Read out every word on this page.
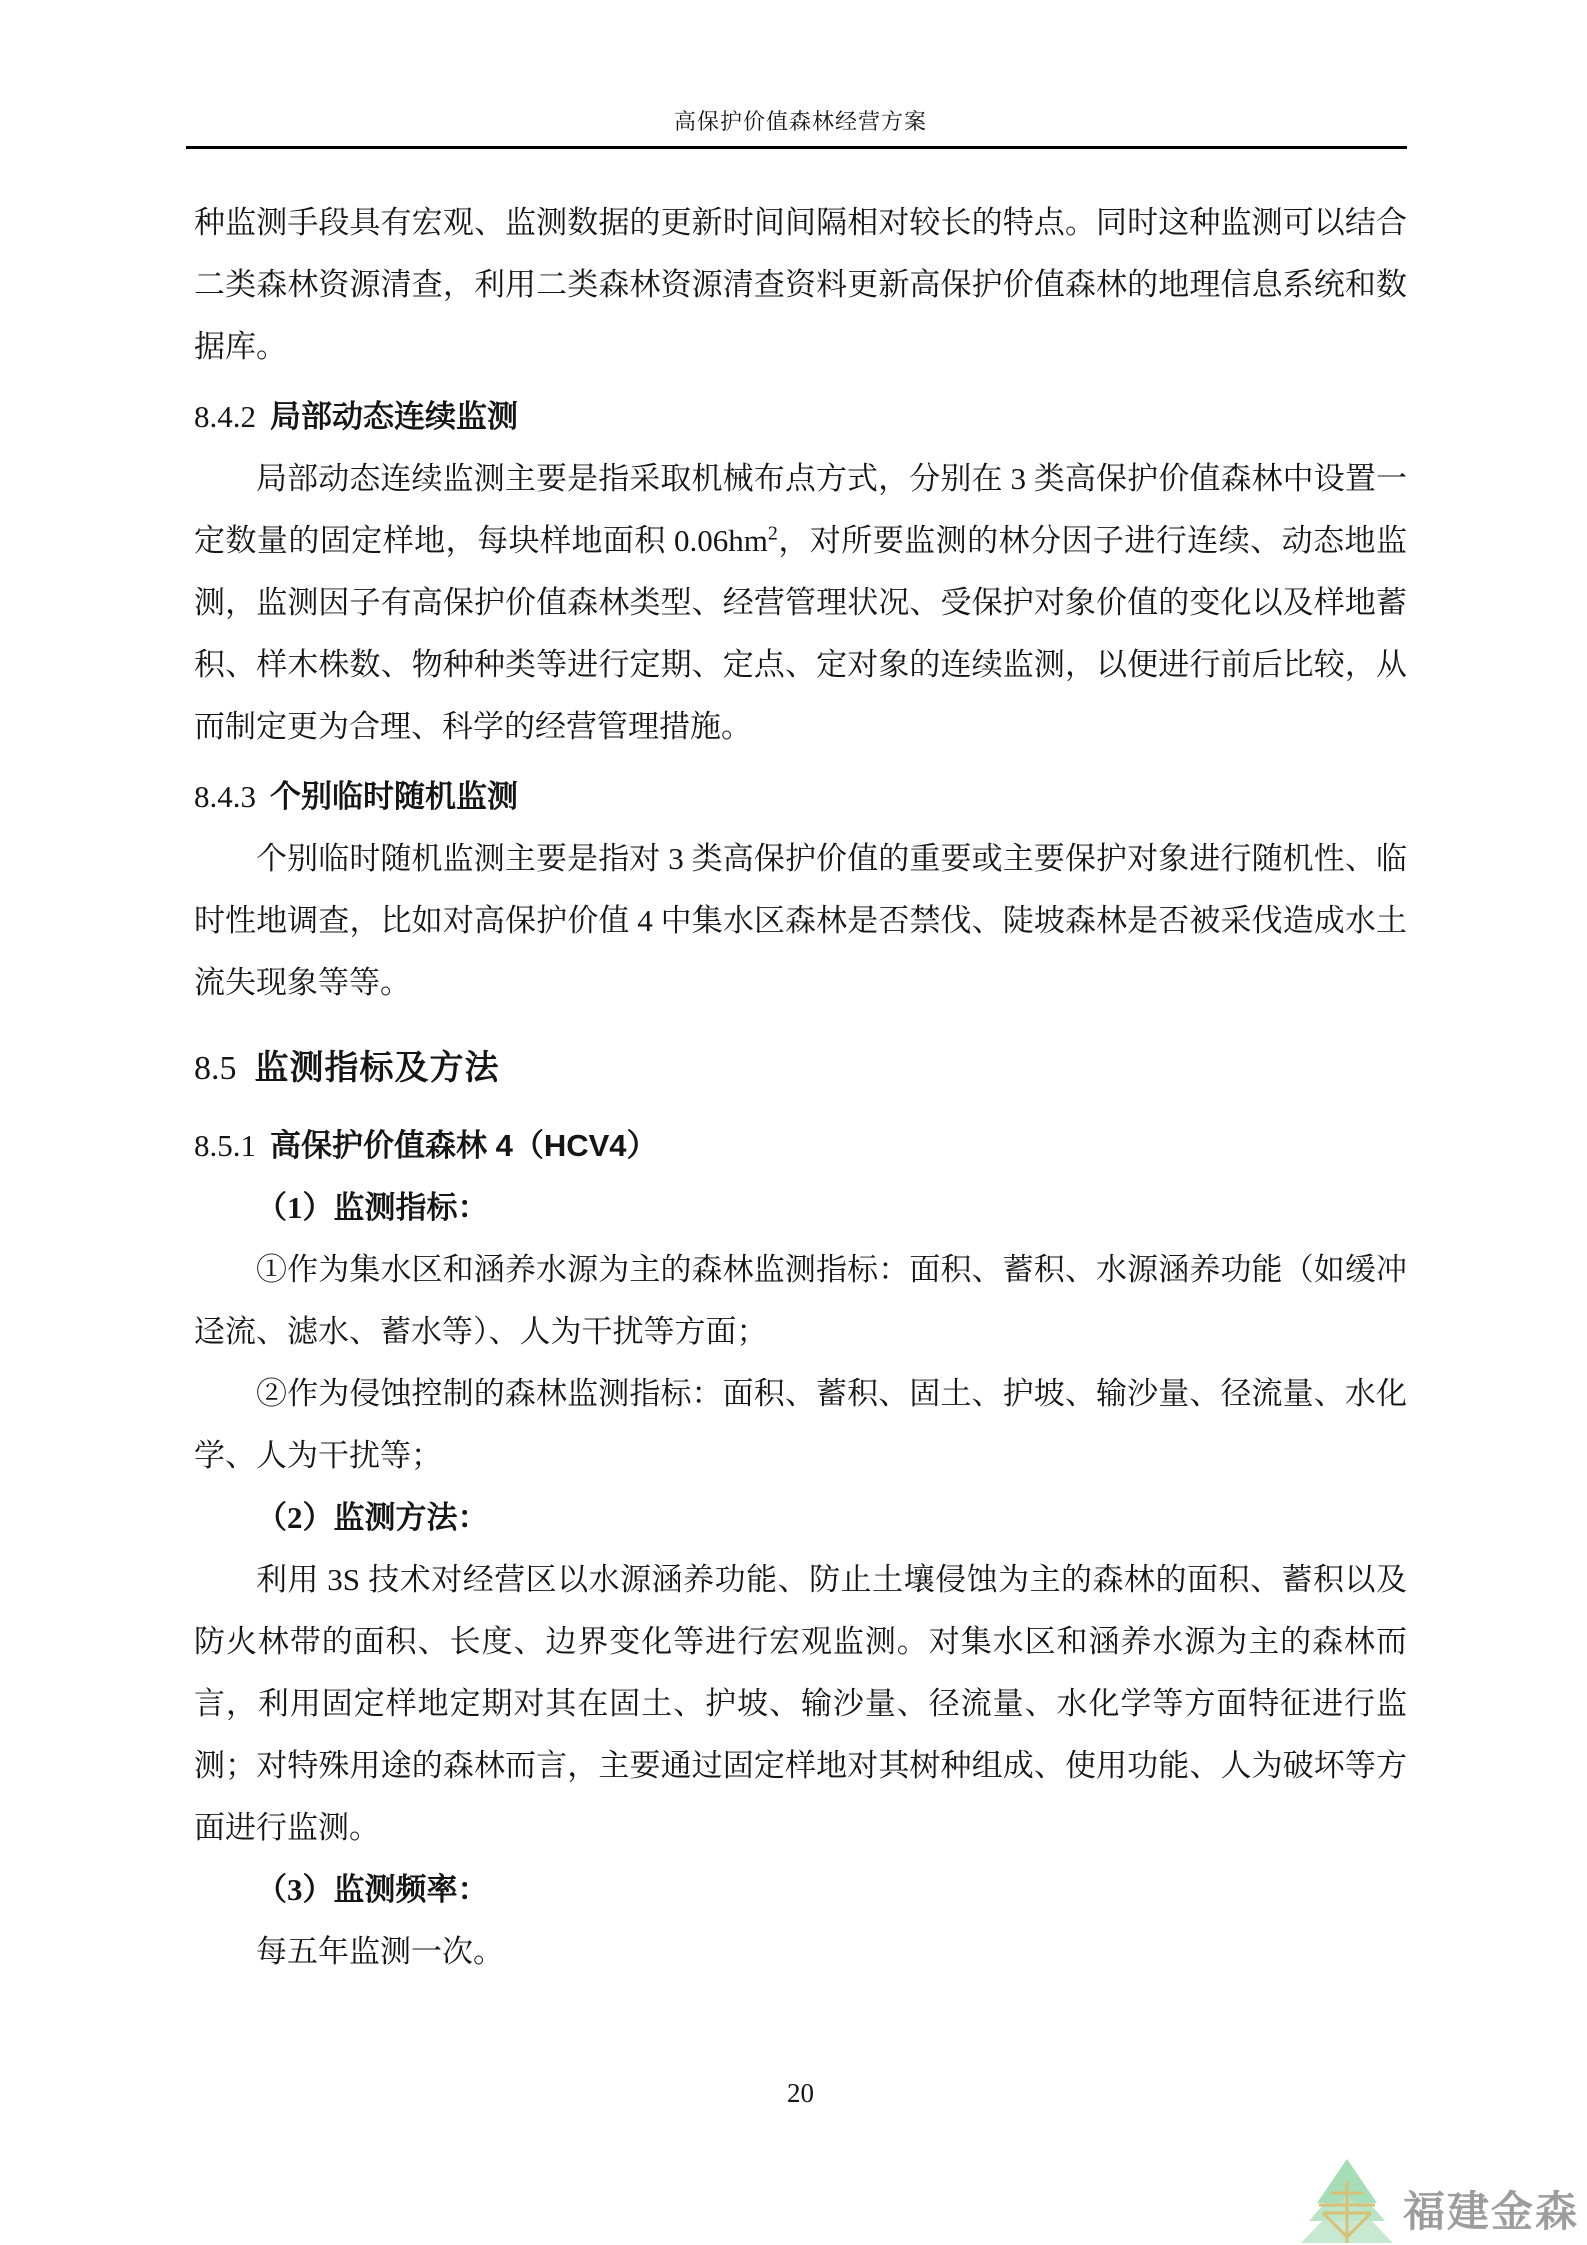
高保护价值森林经营方案

种监测手段具有宏观、监测数据的更新时间间隔相对较长的特点。同时这种监测可以结合二类森林资源清查，利用二类森林资源清查资料更新高保护价值森林的地理信息系统和数据库。

8.4.2 局部动态连续监测

局部动态连续监测主要是指采取机械布点方式，分别在 3 类高保护价值森林中设置一定数量的固定样地，每块样地面积 $0.06hm^2$，对所要监测的林分因子进行连续、动态地监测，监测因子有高保护价值森林类型、经营管理状况、受保护对象价值的变化以及样地蓄积、样木株数、物种种类等进行定期、定点、定对象的连续监测，以便进行前后比较，从而制定更为合理、科学的经营管理措施。

8.4.3 个别临时随机监测

个别临时随机监测主要是指对 3 类高保护价值的重要或主要保护对象进行随机性、临时性地调查，比如对高保护价值 4 中集水区森林是否禁伐、陡坡森林是否被采伐造成水土流失现象等等。

8.5 监测指标及方法
8.5.1 高保护价值森林 4（HCV4）

（1）监测指标：

①作为集水区和涵养水源为主的森林监测指标：面积、蓄积、水源涵养功能（如缓冲迳流、滤水、蓄水等）、人为干扰等方面；

②作为侵蚀控制的森林监测指标：面积、蓄积、固土、护坡、输沙量、径流量、水化学、人为干扰等；

（2）监测方法：

利用 3S 技术对经营区以水源涵养功能、防止土壤侵蚀为主的森林的面积、蓄积以及防火林带的面积、长度、边界变化等进行宏观监测。对集水区和涵养水源为主的森林而言，利用固定样地定期对其在固土、护坡、输沙量、径流量、水化学等方面特征进行监测；对特殊用途的森林而言，主要通过固定样地对其树种组成、使用功能、人为破坏等方面进行监测。

（3）监测频率：

每五年监测一次。

20
福建金森
